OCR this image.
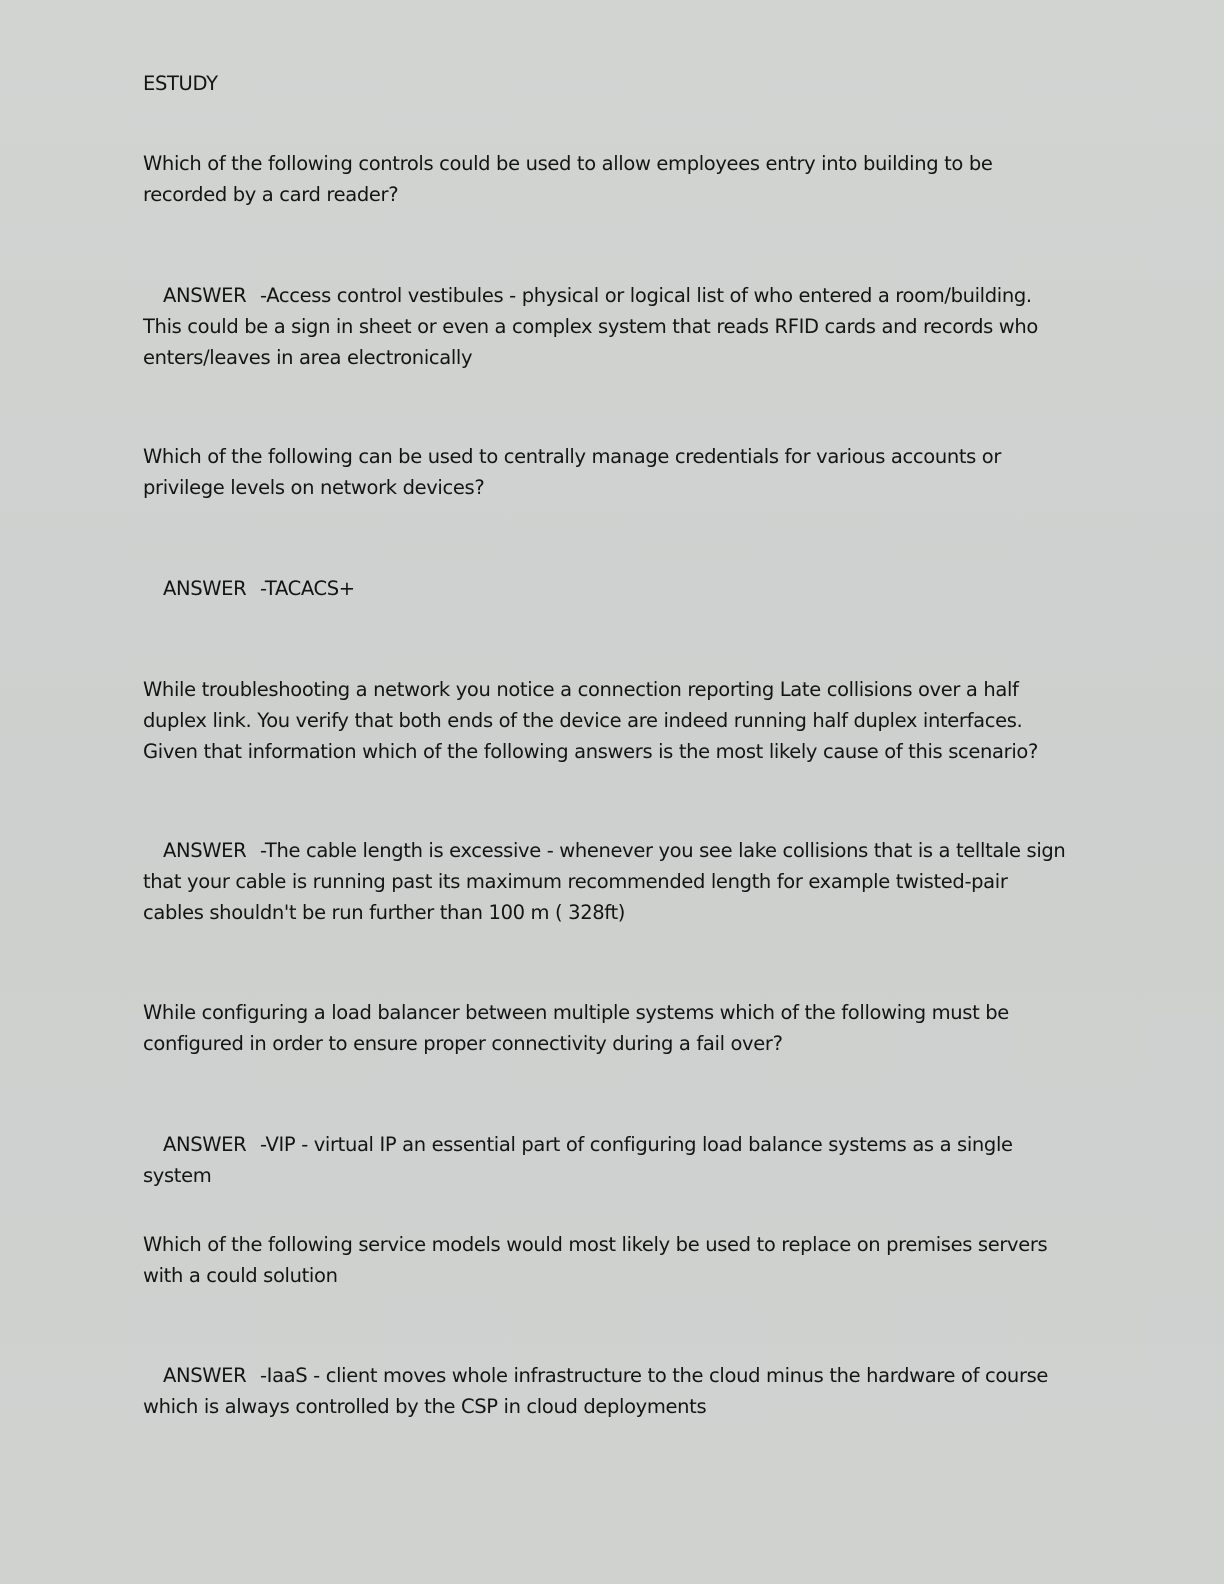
ESTUDY
Which of the following controls could be used to allow employees entry into building to be recorded by a card reader?
ANSWER -Access control vestibules - physical or logical list of who entered a room/building. This could be a sign in sheet or even a complex system that reads RFID cards and records who enters/leaves in area electronically
Which of the following can be used to centrally manage credentials for various accounts or privilege levels on network devices?
ANSWER -TACACS+
While troubleshooting a network you notice a connection reporting Late collisions over a half duplex link. You verify that both ends of the device are indeed running half duplex interfaces. Given that information which of the following answers is the most likely cause of this scenario?
ANSWER -The cable length is excessive - whenever you see lake collisions that is a telltale sign that your cable is running past its maximum recommended length for example twisted-pair cables shouldn't be run further than 100 m ( 328ft)
While configuring a load balancer between multiple systems which of the following must be configured in order to ensure proper connectivity during a fail over?
ANSWER -VIP - virtual IP an essential part of configuring load balance systems as a single system
Which of the following service models would most likely be used to replace on premises servers with a could solution
ANSWER -IaaS - client moves whole infrastructure to the cloud minus the hardware of course which is always controlled by the CSP in cloud deployments
